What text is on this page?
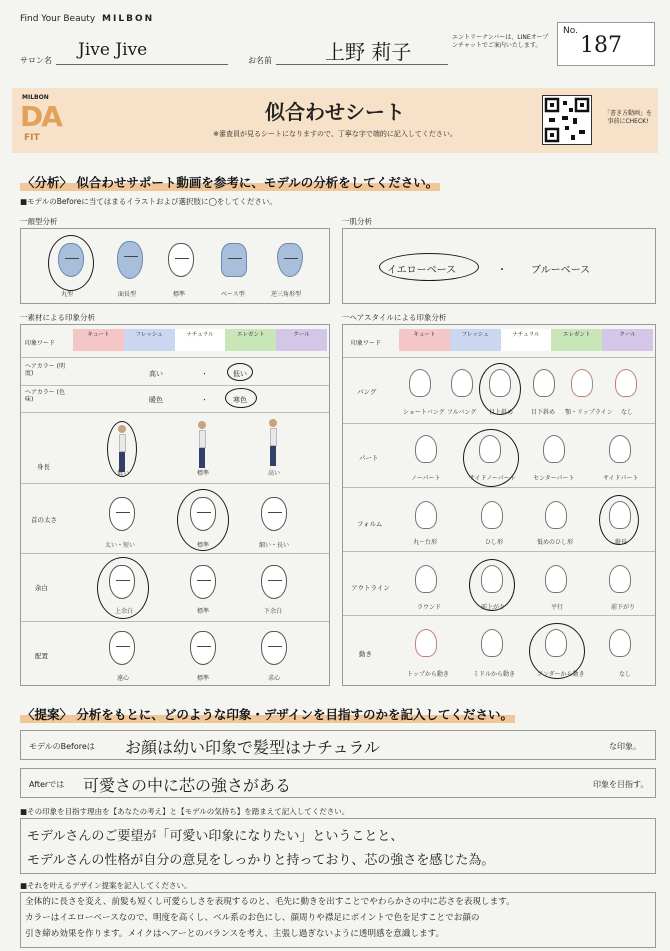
Find Your Beauty MILBON
サロン名
Jive Jive
お名前	上野 莉子
エントリーナンバーは、LINEオープンチャットでご案内いたします。
No.
187
MILBON
DA
FIT
似合わせシート
※審査員が見るシートになりますので、丁寧な字で端的に記入してください。
「書き方動画」を事前にCHECK!
〈分析〉 似合わせサポート動画を参考に、モデルの分析をしてください。
■モデルのBeforeに当てはまるイラストおよび選択肢に◯をしてください。
一顔型分析
丸型	面長型	標準	ベース型	逆三角形型
一肌分析
イエローベース	・ ブルーベース
一素材による印象分析
印象ワード
キュート	フレッシュ	ナチュラル	エレガント	クール
ヘアカラー (明度)	高い	・	低い
ヘアカラー (色味)	暖色	・	寒色
身長
低い	標準	高い
首の太さ
太い・短い	標準	細い・長い
余白
上余白	標準	下余白
配置
遠心	標準	求心
一ヘアスタイルによる印象分析
印象ワード
キュート	フレッシュ	ナチュラル	エレガント	クール
バング
ショートバング フルバング 目上斜め	目下斜め 顎・リップライン なし
パート
ノーパート	サイドノーパート	センターパート	サイドパート
フォルム
丸〜台形	ひし形	低めのひし形	縦長
アウトライン
ラウンド	前上がり	平行	前下がり
動き
トップから動き	ミドルから動き	アンダーから動き	なし
〈提案〉 分析をもとに、どのような印象・デザインを目指すのかを記入してください。
モデルのBeforeは お顔は幼い印象で髪型はナチュラル	な印象。
Afterでは 可愛さの中に芯の強さがある	印象を目指す。
■その印象を目指す理由を【あなたの考え】と【モデルの気持ち】を踏まえて記入してください。
モデルさんのご要望が「可愛い印象になりたい」ということと、
モデルさんの性格が自分の意見をしっかりと持っており、芯の強さを感じた為。
■それを叶えるデザイン提案を記入してください。
全体的に長さを変え、前髪も短くし可愛らしさを表現するのと、毛先に動きを出すことでやわらかさの中に芯さを表現します。
カラーはイエローベースなので、明度を高くし、ベル系のお色にし、顔周りや襟足にポイントで色を足すことでお顔の
引き締め効果を作ります。メイクはヘアーとのバランスを考え、主張し過ぎないように透明感を意識します。
